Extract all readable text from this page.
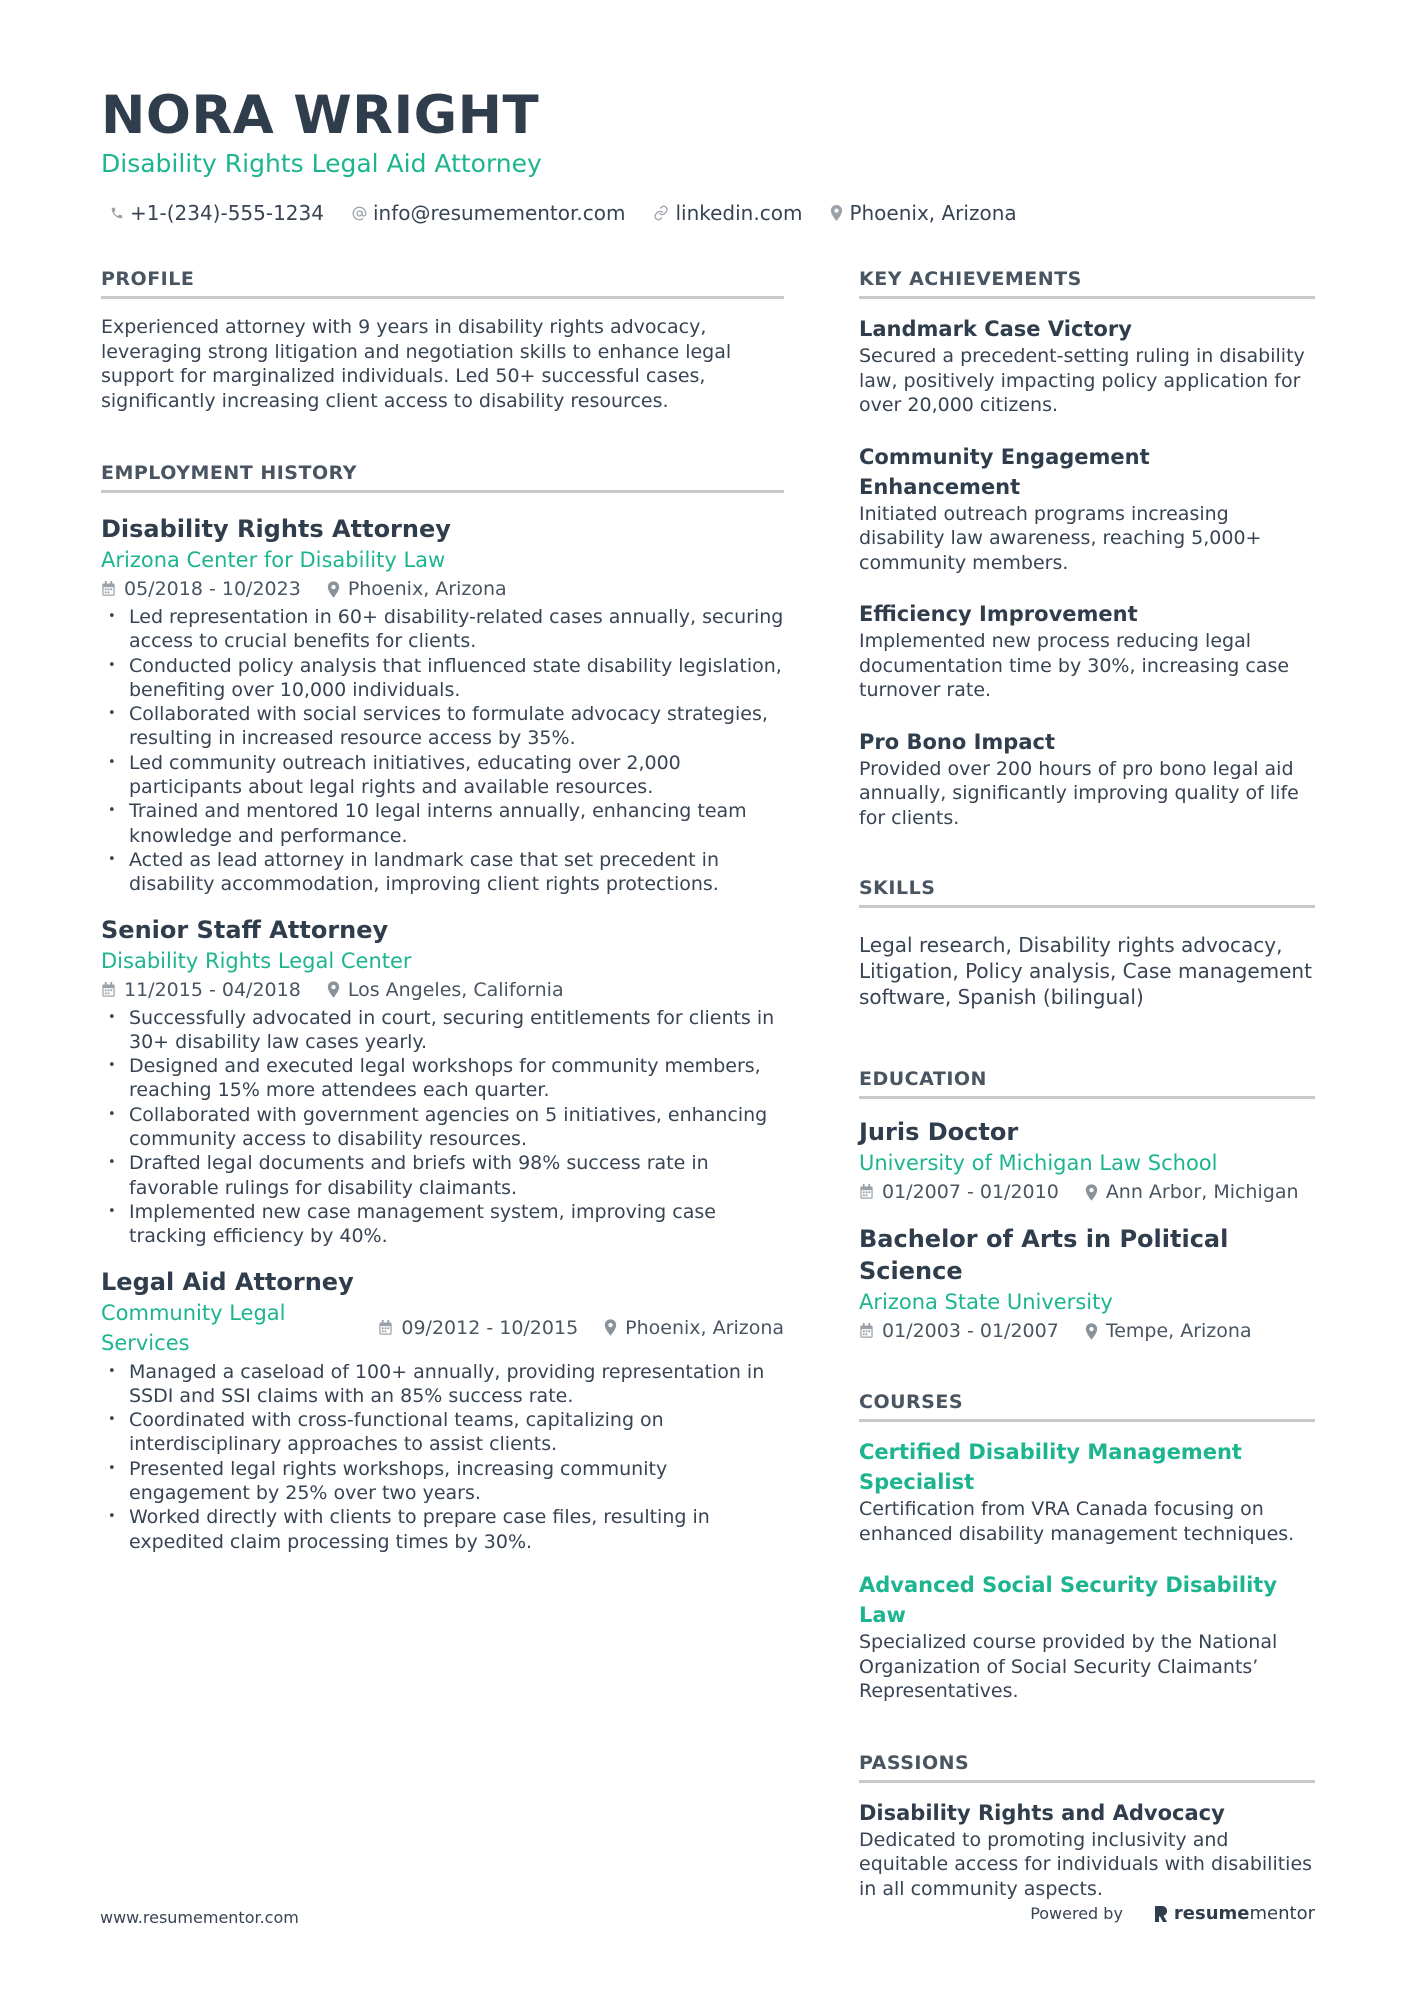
NORA WRIGHT
Disability Rights Legal Aid Attorney
+1-(234)-555-1234 info@resumementor.com	linkedin.com Phoenix, Arizona
PROFILE

Experienced attorney with 9 years in disability rights advocacy, leveraging strong litigation and negotiation skills to enhance legal support for marginalized individuals. Led 50+ successful cases, significantly increasing client access to disability resources.

EMPLOYMENT HISTORY
Disability Rights Attorney
Arizona Center for Disability Law
05/2018 - 10/2023 Phoenix, Arizona
• Led representation in 60+ disability-related cases annually, securing access to crucial benefits for clients.
• Conducted policy analysis that influenced state disability legislation, benefiting over 10,000 individuals.
• Collaborated with social services to formulate advocacy strategies, resulting in increased resource access by 35%.
• Led community outreach initiatives, educating over 2,000 participants about legal rights and available resources.
• Trained and mentored 10 legal interns annually, enhancing team knowledge and performance.
• Acted as lead attorney in landmark case that set precedent in disability accommodation, improving client rights protections.
Senior Staff Attorney
Disability Rights Legal Center
11/2015 - 04/2018 Los Angeles, California
• Successfully advocated in court, securing entitlements for clients in 30+ disability law cases yearly.
• Designed and executed legal workshops for community members, reaching 15% more attendees each quarter.
• Collaborated with government agencies on 5 initiatives, enhancing community access to disability resources.
• Drafted legal documents and briefs with 98% success rate in favorable rulings for disability claimants.
• Implemented new case management system, improving case tracking efficiency by 40%.
Legal Aid Attorney
Community Legal Services
09/2012 - 10/2015 Phoenix, Arizona
• Managed a caseload of 100+ annually, providing representation in SSDI and SSI claims with an 85% success rate.
• Coordinated with cross-functional teams, capitalizing on interdisciplinary approaches to assist clients.
• Presented legal rights workshops, increasing community engagement by 25% over two years.
• Worked directly with clients to prepare case files, resulting in expedited claim processing times by 30%.
KEY ACHIEVEMENTS
Landmark Case Victory

Secured a precedent-setting ruling in disability law, positively impacting policy application for over 20,000 citizens.

Community Engagement Enhancement

Initiated outreach programs increasing disability law awareness, reaching 5,000+ community members.

Efficiency Improvement

Implemented new process reducing legal documentation time by 30%, increasing case turnover rate.

Pro Bono Impact

Provided over 200 hours of pro bono legal aid annually, significantly improving quality of life for clients.

SKILLS

Legal research, Disability rights advocacy, Litigation, Policy analysis, Case management software, Spanish (bilingual)

EDUCATION
Juris Doctor
University of Michigan Law School
01/2007 - 01/2010 Ann Arbor, Michigan
Bachelor of Arts in Political Science
Arizona State University
01/2003 - 01/2007 Tempe, Arizona
COURSES
Certified Disability Management Specialist

Certification from VRA Canada focusing on enhanced disability management techniques.

Advanced Social Security Disability Law

Specialized course provided by the National Organization of Social Security Claimants’ Representatives.

PASSIONS
Disability Rights and Advocacy

Dedicated to promoting inclusivity and equitable access for individuals with disabilities in all community aspects.

www.resumementor.com	Powered by	resume mentor
